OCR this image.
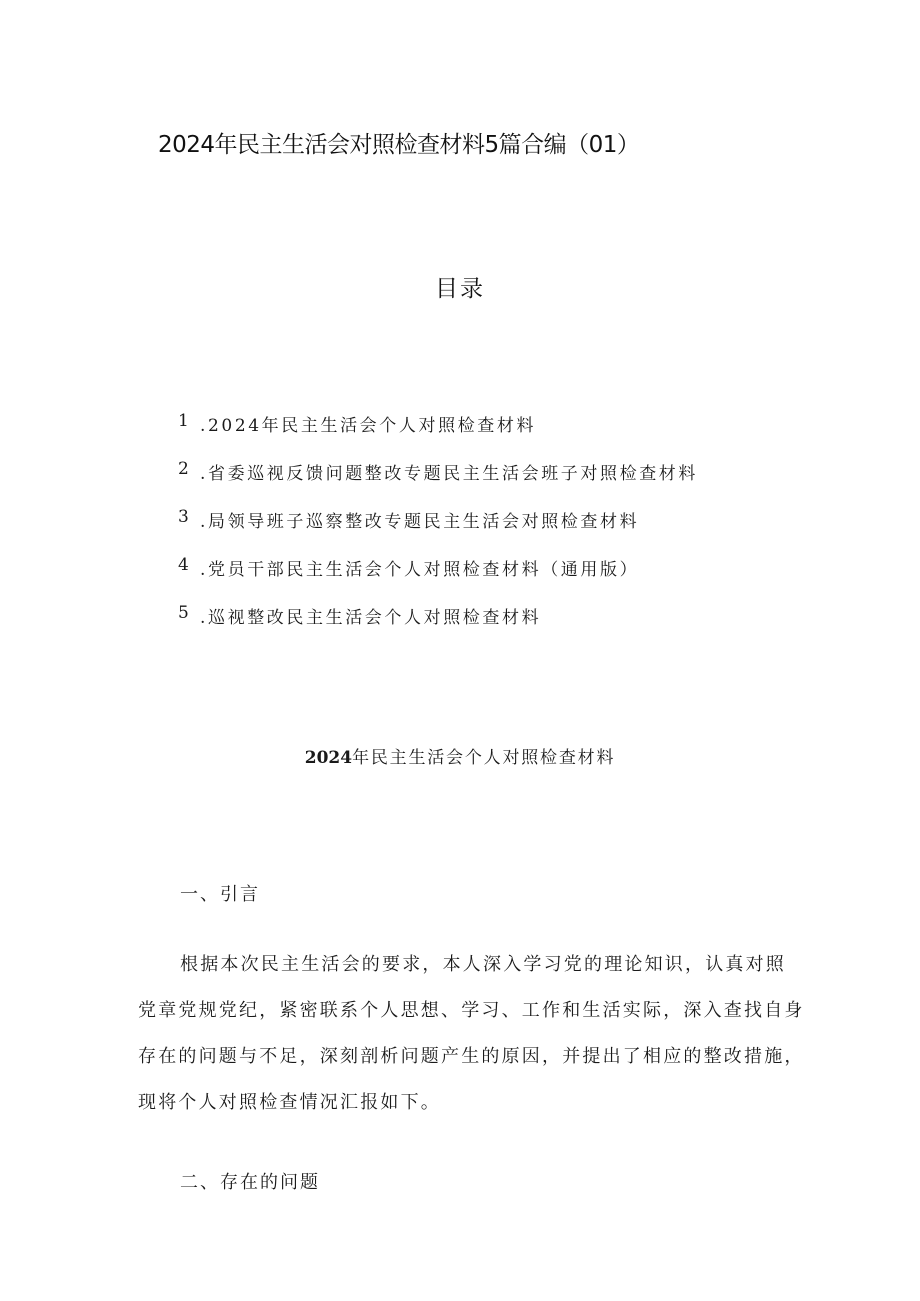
2024年民主生活会对照检查材料5篇合编（01）
目录
1 .2024年民主生活会个人对照检查材料
2 .省委巡视反馈问题整改专题民主生活会班子对照检查材料
3 .局领导班子巡察整改专题民主生活会对照检查材料
4 .党员干部民主生活会个人对照检查材料（通用版）
5 .巡视整改民主生活会个人对照检查材料
2024年民主生活会个人对照检查材料
一、引言
根据本次民主生活会的要求，本人深入学习党的理论知识，认真对照
党章党规党纪，紧密联系个人思想、学习、工作和生活实际，深入查找自身
存在的问题与不足，深刻剖析问题产生的原因，并提出了相应的整改措施，
现将个人对照检查情况汇报如下。
二、存在的问题
